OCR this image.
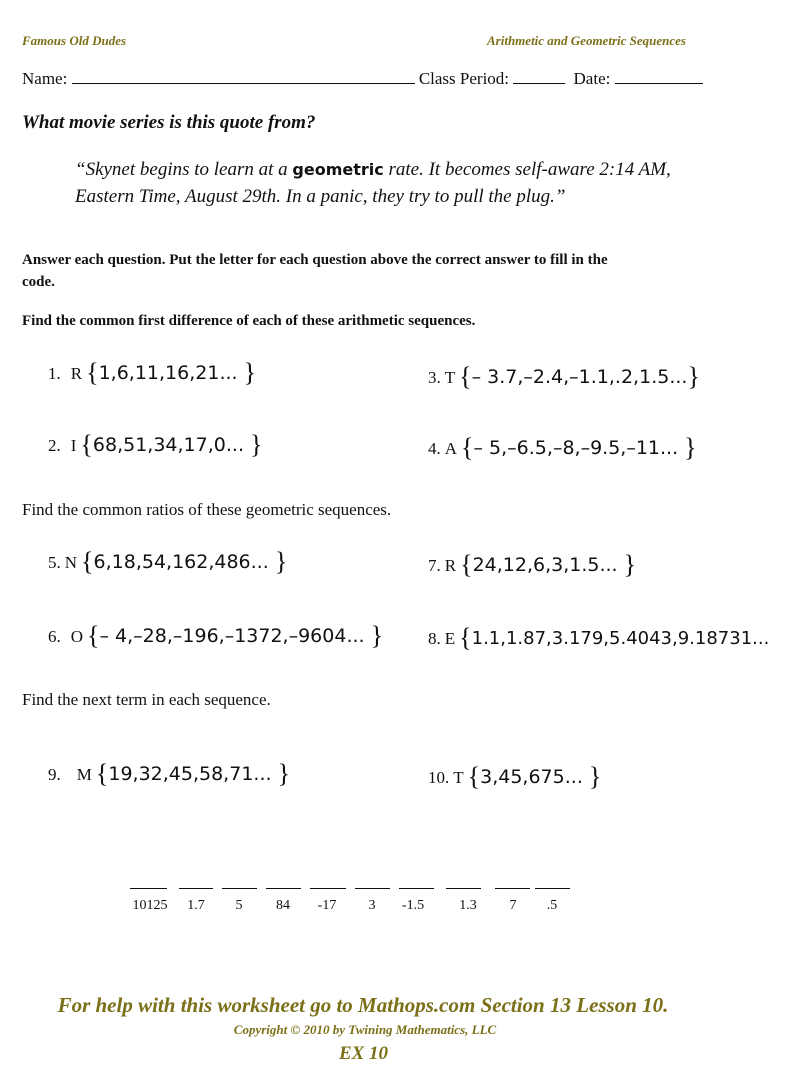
Famous Old Dudes	Arithmetic and Geometric Sequences
Name:	Class Period:	Date:
What movie series is this quote from?
“Skynet begins to learn at a geometric rate. It becomes self-aware 2:14 AM,
Eastern Time, August 29th. In a panic, they try to pull the plug.”
Answer each question. Put the letter for each question above the correct answer to fill in the
code.
Find the common first difference of each of these arithmetic sequences.
1. R {1,6,11,16,21... }	3. T {– 3.7,–2.4,–1.1,.2,1.5...}
2. I {68,51,34,17,0... }	4. A {– 5,–6.5,–8,–9.5,–11... }
Find the common ratios of these geometric sequences.
5. N {6,18,54,162,486... }	7. R {24,12,6,3,1.5... }
6. O {– 4,–28,–196,–1372,–9604... }	8. E {1.1,1.87,3.179,5.4043,9.18731...
Find the next term in each sequence.
9. M {19,32,45,58,71... }	10. T {3,45,675... }
10125	1.7	5	84	-17	3	-1.5	1.3	7	.5
For help with this worksheet go to Mathops.com Section 13 Lesson 10.
Copyright © 2010 by Twining Mathematics, LLC
EX 10
